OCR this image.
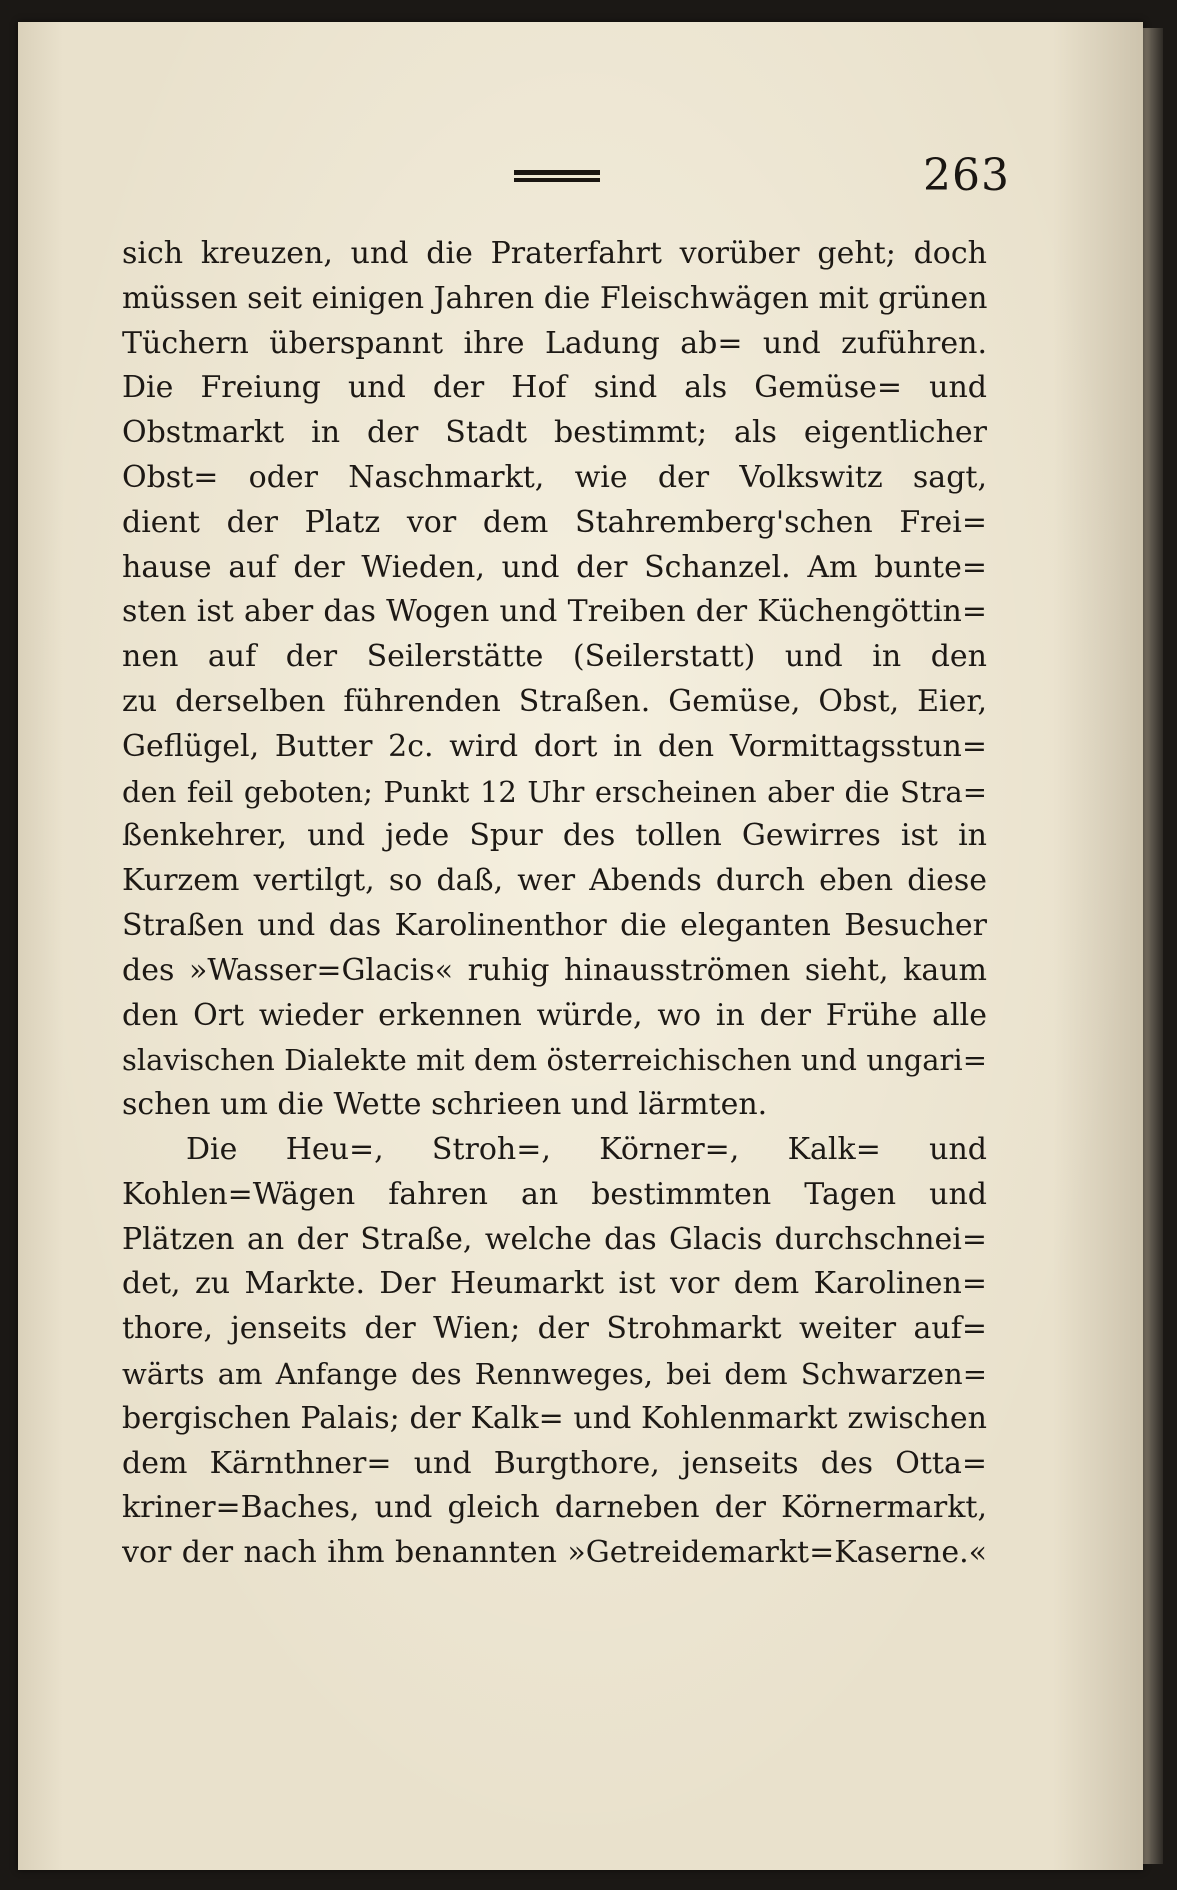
263
sich kreuzen, und die Praterfahrt vorüber geht; doch
müssen seit einigen Jahren die Fleischwägen mit grünen
Tüchern überspannt ihre Ladung ab= und zuführen.
Die Freiung und der Hof sind als Gemüse= und
Obstmarkt in der Stadt bestimmt; als eigentlicher
Obst= oder Naschmarkt, wie der Volkswitz sagt,
dient der Platz vor dem Stahremberg'schen Frei=
hause auf der Wieden, und der Schanzel. Am bunte=
sten ist aber das Wogen und Treiben der Küchengöttin=
nen auf der Seilerstätte (Seilerstatt) und in den
zu derselben führenden Straßen. Gemüse, Obst, Eier,
Geflügel, Butter 2c. wird dort in den Vormittagsstun=
den feil geboten; Punkt 12 Uhr erscheinen aber die Stra=
ßenkehrer, und jede Spur des tollen Gewirres ist in
Kurzem vertilgt, so daß, wer Abends durch eben diese
Straßen und das Karolinenthor die eleganten Besucher
des »Wasser=Glacis« ruhig hinausströmen sieht, kaum
den Ort wieder erkennen würde, wo in der Frühe alle
slavischen Dialekte mit dem österreichischen und ungari=
schen um die Wette schrieen und lärmten.
Die Heu=, Stroh=, Körner=, Kalk= und
Kohlen=Wägen fahren an bestimmten Tagen und
Plätzen an der Straße, welche das Glacis durchschnei=
det, zu Markte. Der Heumarkt ist vor dem Karolinen=
thore, jenseits der Wien; der Strohmarkt weiter auf=
wärts am Anfange des Rennweges, bei dem Schwarzen=
bergischen Palais; der Kalk= und Kohlenmarkt zwischen
dem Kärnthner= und Burgthore, jenseits des Otta=
kriner=Baches, und gleich darneben der Körnermarkt,
vor der nach ihm benannten »Getreidemarkt=Kaserne.«
